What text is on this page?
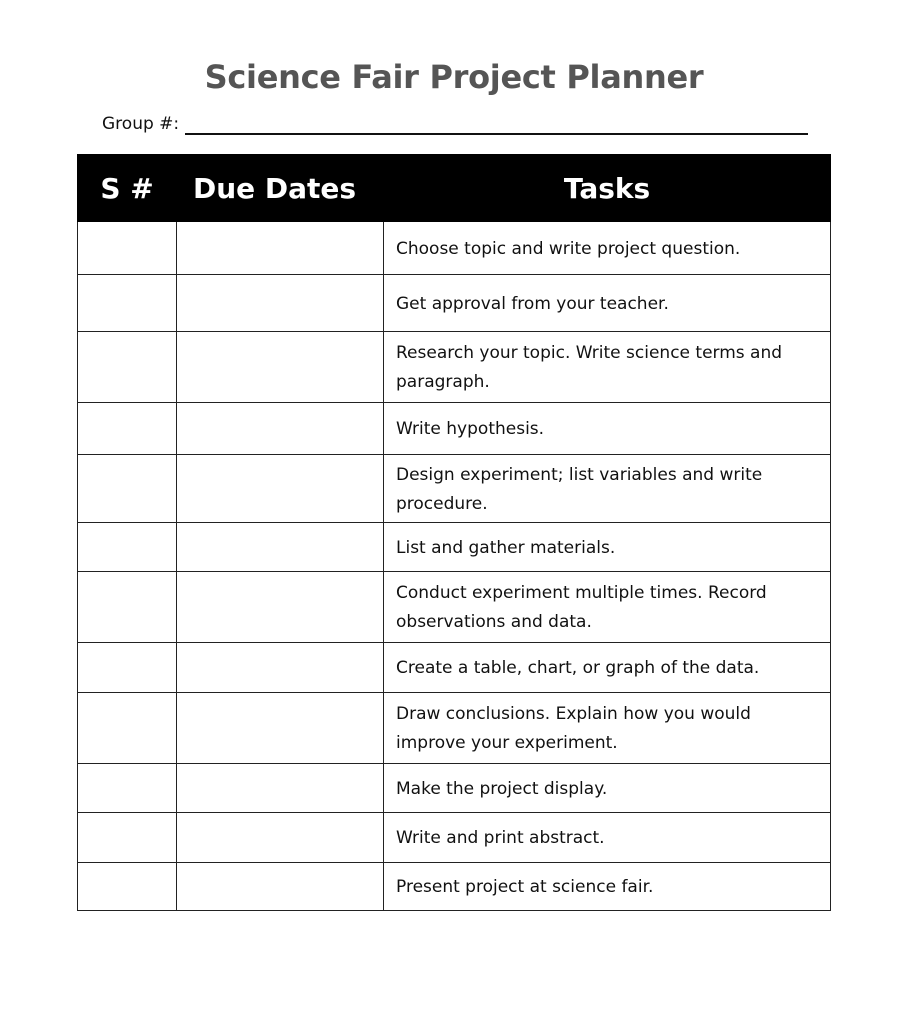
Science Fair Project Planner
Group #:
S #	Due Dates	Tasks
		Choose topic and write project question.
		Get approval from your teacher.
		Research your topic. Write science terms and paragraph.
		Write hypothesis.
		Design experiment; list variables and write procedure.
		List and gather materials.
		Conduct experiment multiple times. Record observations and data.
		Create a table, chart, or graph of the data.
		Draw conclusions. Explain how you would improve your experiment.
		Make the project display.
		Write and print abstract.
		Present project at science fair.
